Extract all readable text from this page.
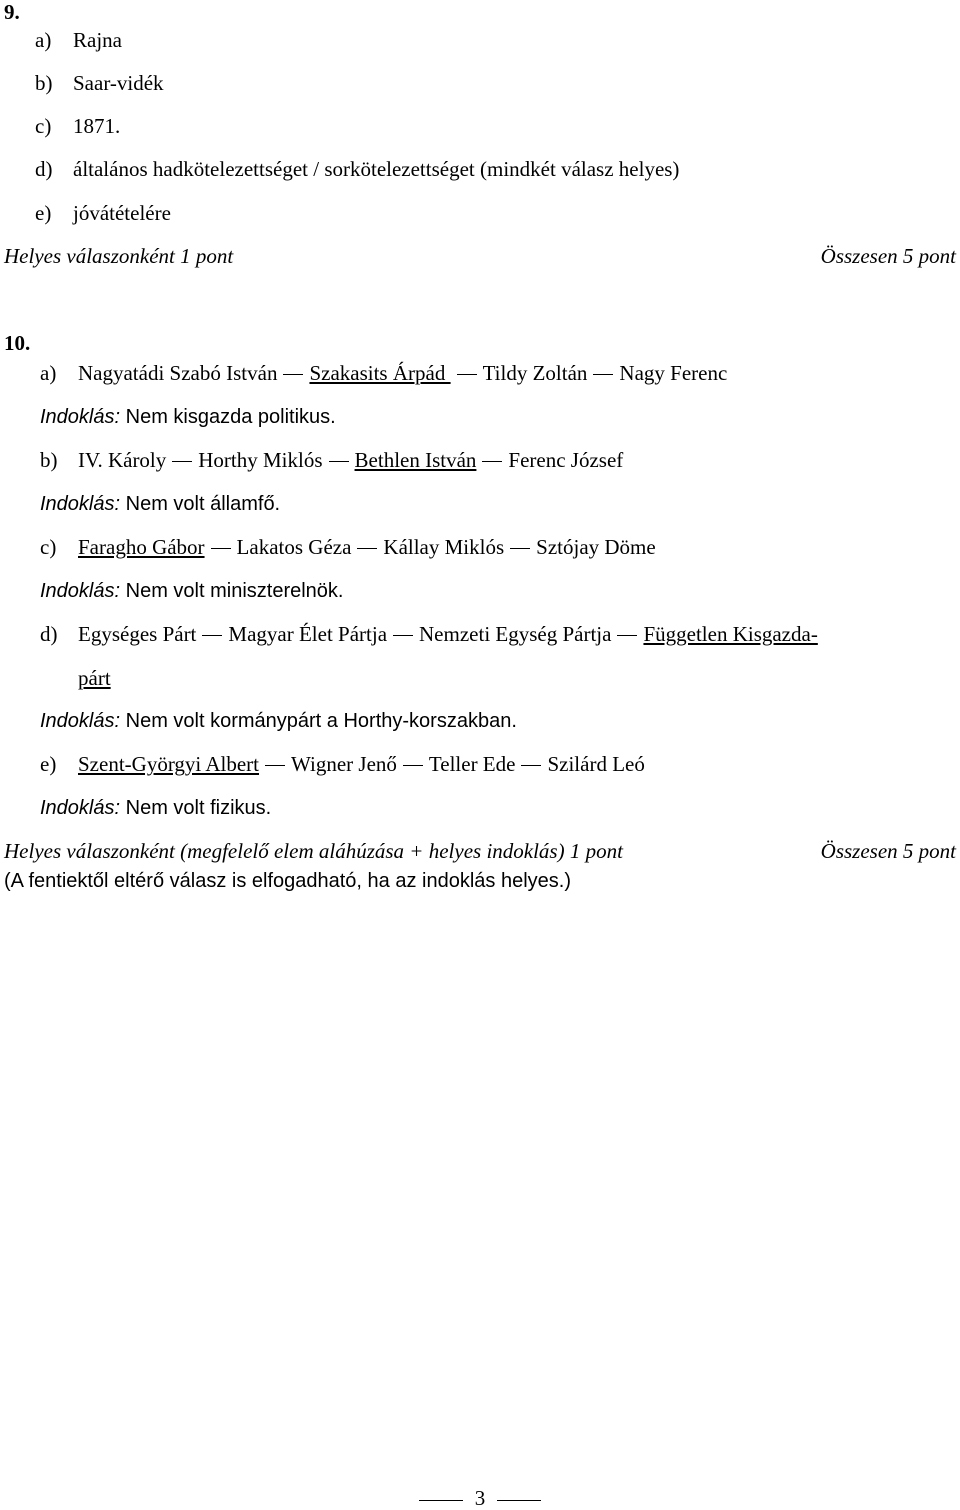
9.
a) Rajna
b) Saar-vidék
c) 1871.
d) általános hadkötelezettséget / sorkötelezettséget (mindkét válasz helyes)
e) jóvátételére
Helyes válaszonként 1 pont	Összesen 5 pont
10.
a) Nagyatádi Szabó István Szakasits Árpád Tildy Zoltán Nagy Ferenc
Indoklás: Nem kisgazda politikus.
b) IV. Károly Horthy Miklós Bethlen István Ferenc József
Indoklás: Nem volt államfő.
c) Faragho Gábor Lakatos Géza Kállay Miklós Sztójay Döme
Indoklás: Nem volt miniszterelnök.
d) Egységes Párt Magyar Élet Pártja Nemzeti Egység Pártja Független Kisgazda-
párt
Indoklás: Nem volt kormánypárt a Horthy-korszakban.
e) Szent-Györgyi Albert Wigner Jenő Teller Ede Szilárd Leó
Indoklás: Nem volt fizikus.
Helyes válaszonként (megfelelő elem aláhúzása + helyes indoklás) 1 pont	Összesen 5 pont
(A fentiektől eltérő válasz is elfogadható, ha az indoklás helyes.)
3
